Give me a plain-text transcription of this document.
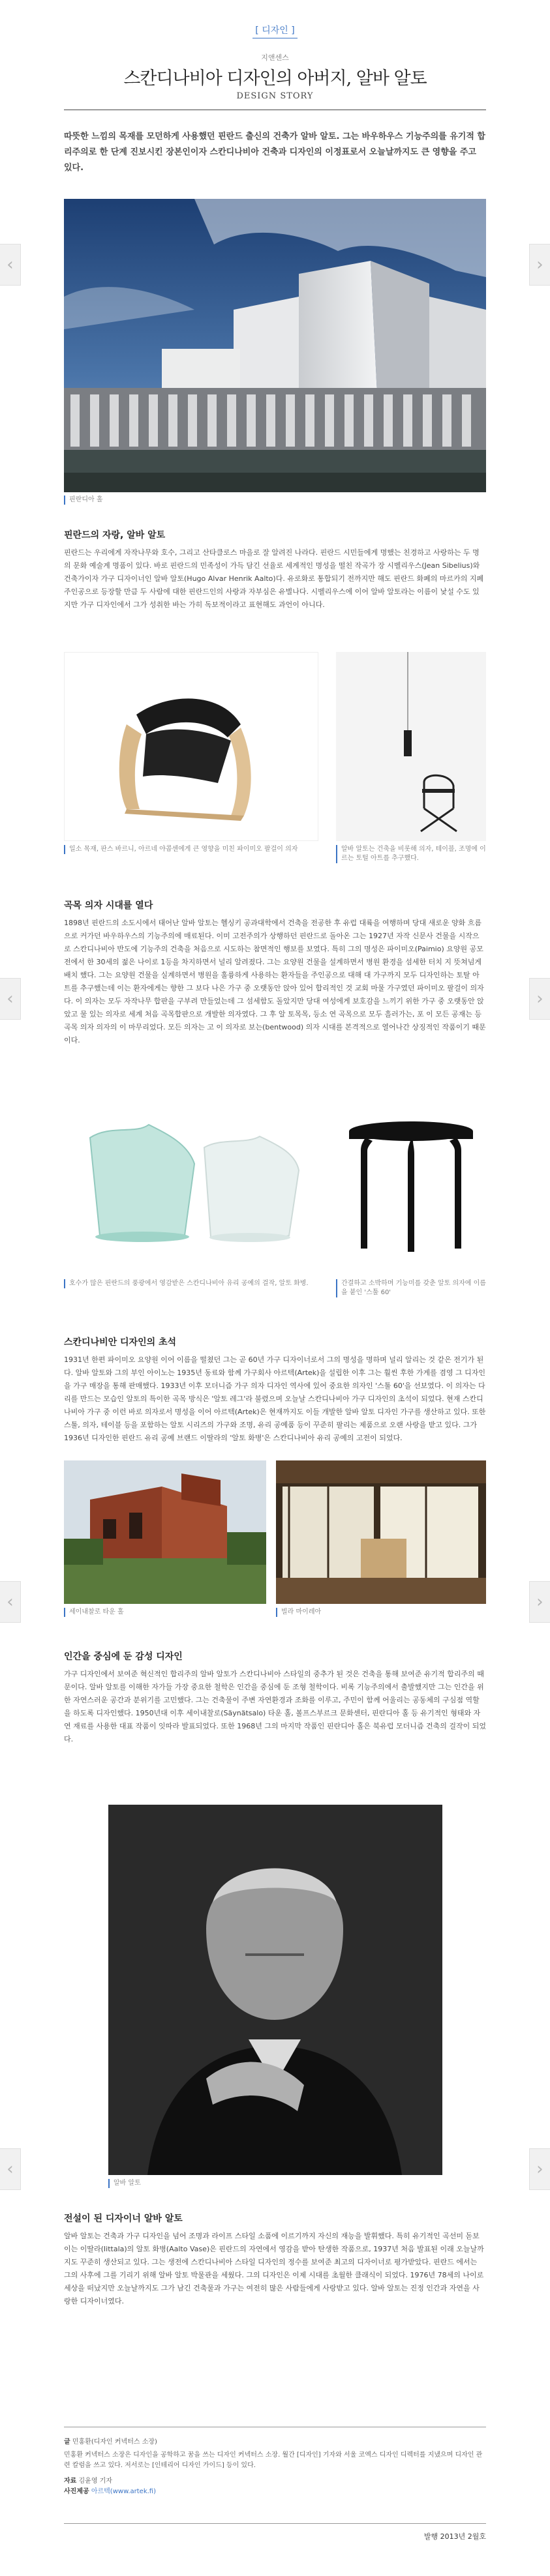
‹	›
‹	›
‹	›
‹	›
[ 디자인 ]
지앤센스
스칸디나비아 디자인의 아버지, 알바 알토
DESIGN STORY

따뜻한 느낌의 목재를 모던하게 사용했던 핀란드 출신의 건축가 알바 알토. 그는 바우하우스 기능주의를 유기적 합리주의로 한 단계 진보시킨 장본인이자 스칸디나비아 건축과 디자인의 이정표로서 오늘날까지도 큰 영향을 주고 있다.

핀란디아 홀
핀란드의 자랑, 알바 알토

핀란드는 우리에게 자작나무와 호수, 그리고 산타클로스 마을로 잘 알려진 나라다. 핀란드 시민들에게 명했는 친경하고 사랑하는 두 명의 문화 예술계 명품이 있다. 바로 핀란드의 민족성이 가득 담긴 선율로 세계적인 명성을 떨친 작곡가 장 시벨리우스(Jean Sibelius)와 건축가이자 가구 디자이너인 알바 알토(Hugo Alvar Henrik Aalto)다. 유로화로 통합되기 전까지만 해도 핀란드 화폐의 마르카의 지폐 주인공으로 등장할 만큼 두 사람에 대한 핀란드인의 사랑과 자부심은 유별나다. 시벨리우스에 이어 알바 알토라는 이름이 낯설 수도 있지만 가구 디자인에서 그가 성취한 바는 가히 독보적이라고 표현해도 과언이 아니다.

일소 목재, 판스 바르니, 아르네 야콥센에게 큰 영향을 미친 파이미오 팔걸이 의자	알바 알토는 건축을 비롯해 의자, 테이블, 조명에 이르는 토털 아트를 추구했다.
곡목 의자 시대를 열다

1898년 핀란드의 소도시에서 태어난 알바 알토는 헬싱키 공과대학에서 건축을 전공한 후 유럽 대륙을 여행하며 당대 새로운 양화 흐름으로 커가던 바우하우스의 기능주의에 매료된다. 이미 고전주의가 상행하던 핀란드로 돌아온 그는 1927년 자작 신문사 건물을 시작으로 스칸디나비아 반도에 기능주의 건축을 처음으로 시도하는 참면적인 행보를 보였다. 특히 그의 명성은 파이미오(Paimio) 요양원 공모전에서 한 30세의 젊은 나이로 1등을 차지하면서 널리 알려졌다. 그는 요양원 건물을 설계하면서 병원 환경을 섬세한 터치 지 뜻쳐넘게 배치 했다. 그는 요양원 건물을 실계하면서 병원을 훌륭하게 사용하는 환자들을 주인공으로 대해 대 가구까지 모두 디자인하는 토탈 아트를 추구했는데 이는 환자에게는 향한 그 보다 나은 가구 중 오랫동안 앉아 있어 합리적인 것 교회 마물 가구였던 파이미오 팔걸이 의자다. 이 의자는 모두 자작나무 합판을 구부려 만들었는데 그 섬세함도 돌았지만 당대 여성에게 보호감을 느끼기 위한 가구 중 오랫동안 앉았고 물 있는 의자로 세계 처음 곡목합판으로 개발한 의자였다. 그 후 알 토목목, 등소 연 곡목으로 모두 흘러가는, 포 이 모든 공재는 등 곡목 의자 의자의 이 마무리었다. 모든 의자는 고 이 의자로 보는(bentwood) 의자 시대를 본격적으로 열어나간 상징적인 작품이기 때문이다.

호수가 많은 핀란드의 풍광에서 영감받은 스칸디나비아 유리 공예의 걸작, 알토 화병.	간결하고 소박하며 기능미를 갖춘 알토 의자에 이름을 붙인 '스툴 60'
스칸디나비안 디자인의 초석

1931년 한편 파이미오 요양원 이어 이름을 떨쳤던 그는 곧 60년 가구 디자이너로서 그의 명성을 명하며 널리 알리는 것 같은 전기가 된다. 알바 알토와 그의 부인 아이노는 1935년 동료와 함께 가구회사 아르텍(Artek)을 설립한 이후 그는 훨씬 후한 가게를 겸영 그 디자인을 가구 매장을 통해 판매했다. 1933년 이후 모더니즘 가구 의자 디자인 역사에 있어 중요한 의자인 '스툴 60'을 선보였다. 이 의자는 다리를 만드는 모습인 알토의 특이한 곡목 방식은 '알토 레그'라 불렸으며 오늘날 스칸디나비아 가구 디자인의 초석이 되었다. 현재 스칸디나비아 가구 중 이런 바로 의자로서 명성을 이어 아르텍(Artek)은 현재까지도 이들 개발한 알바 알토 디자인 가구를 생산하고 있다. 또한 스툴, 의자, 테이블 등을 포함하는 알토 시리즈의 가구와 조명, 유리 공예품 등이 꾸준히 팔리는 제품으로 오랜 사랑을 받고 있다. 그가 1936년 디자인한 핀란드 유리 공예 브랜드 이딸라의 '알토 화병'은 스칸디나비아 유리 공예의 고전이 되었다.

세이내찰로 타운 홀	빌라 마이레아
인간을 중심에 둔 감성 디자인

가구 디자인에서 보여준 혁신적인 합리주의 알바 알토가 스칸디나비아 스타일의 중추가 된 것은 건축을 통해 보여준 유기적 합리주의 때문이다. 알바 알토를 이해한 자가들 가장 중요한 철학은 인간을 중심에 둔 조형 철학이다. 비록 기능주의에서 출발했지만 그는 인간을 위한 자연스러운 공간과 분위기를 고민했다. 그는 건축물이 주변 자연환경과 조화를 이루고, 주민이 함께 어울리는 공동체의 구심점 역할을 하도록 디자인했다. 1950년대 이후 세이내찰로(Säynätsalo) 타운 홀, 볼프스부르크 문화센터, 핀란디아 홀 등 유기적인 형태와 자연 재료를 사용한 대표 작품이 잇따라 발표되었다. 또한 1968년 그의 마지막 작품인 핀란디아 홀은 북유럽 모더니즘 건축의 걸작이 되었다.

알바 알토
전설이 된 디자이너 알바 알토

알바 알토는 건축과 가구 디자인을 넘어 조명과 라이프 스타일 소품에 이르기까지 자신의 재능을 발휘했다. 특히 유기적인 곡선미 돋보이는 이딸라(Iittala)의 알토 화병(Aalto Vase)은 핀란드의 자연에서 영감을 받아 탄생한 작품으로, 1937년 처음 발표된 이래 오늘날까지도 꾸준히 생산되고 있다. 그는 생전에 스칸디나비아 스타일 디자인의 정수를 보여준 최고의 디자이너로 평가받았다. 핀란드 에서는 그의 사후에 그를 기리기 위해 알바 알토 박물관을 세웠다. 그의 디자인은 이제 시대를 초월한 클래식이 되었다. 1976년 78세의 나이로 세상을 떠났지만 오늘날까지도 그가 남긴 건축물과 가구는 여전히 많은 사람들에게 사랑받고 있다. 알바 알토는 진정 인간과 자연을 사랑한 디자이너였다.

글 민홍환(디자인 커넥터스 소장)
민홍환 커넥터스 소장은 디자인을 공학하고 꿈을 쓰는 디자인 커넥터스 소장. 월간 [디자인] 기자와 서울 코엑스 디자인 디렉터를 지냈으며 디자인 관련 칼럼을 쓰고 있다. 저서로는 [인테리어 디자인 가이드] 등이 있다.
자료 김윤영 기자
사진제공 아르텍(www.artek.fi)
발행 2013년 2월호
